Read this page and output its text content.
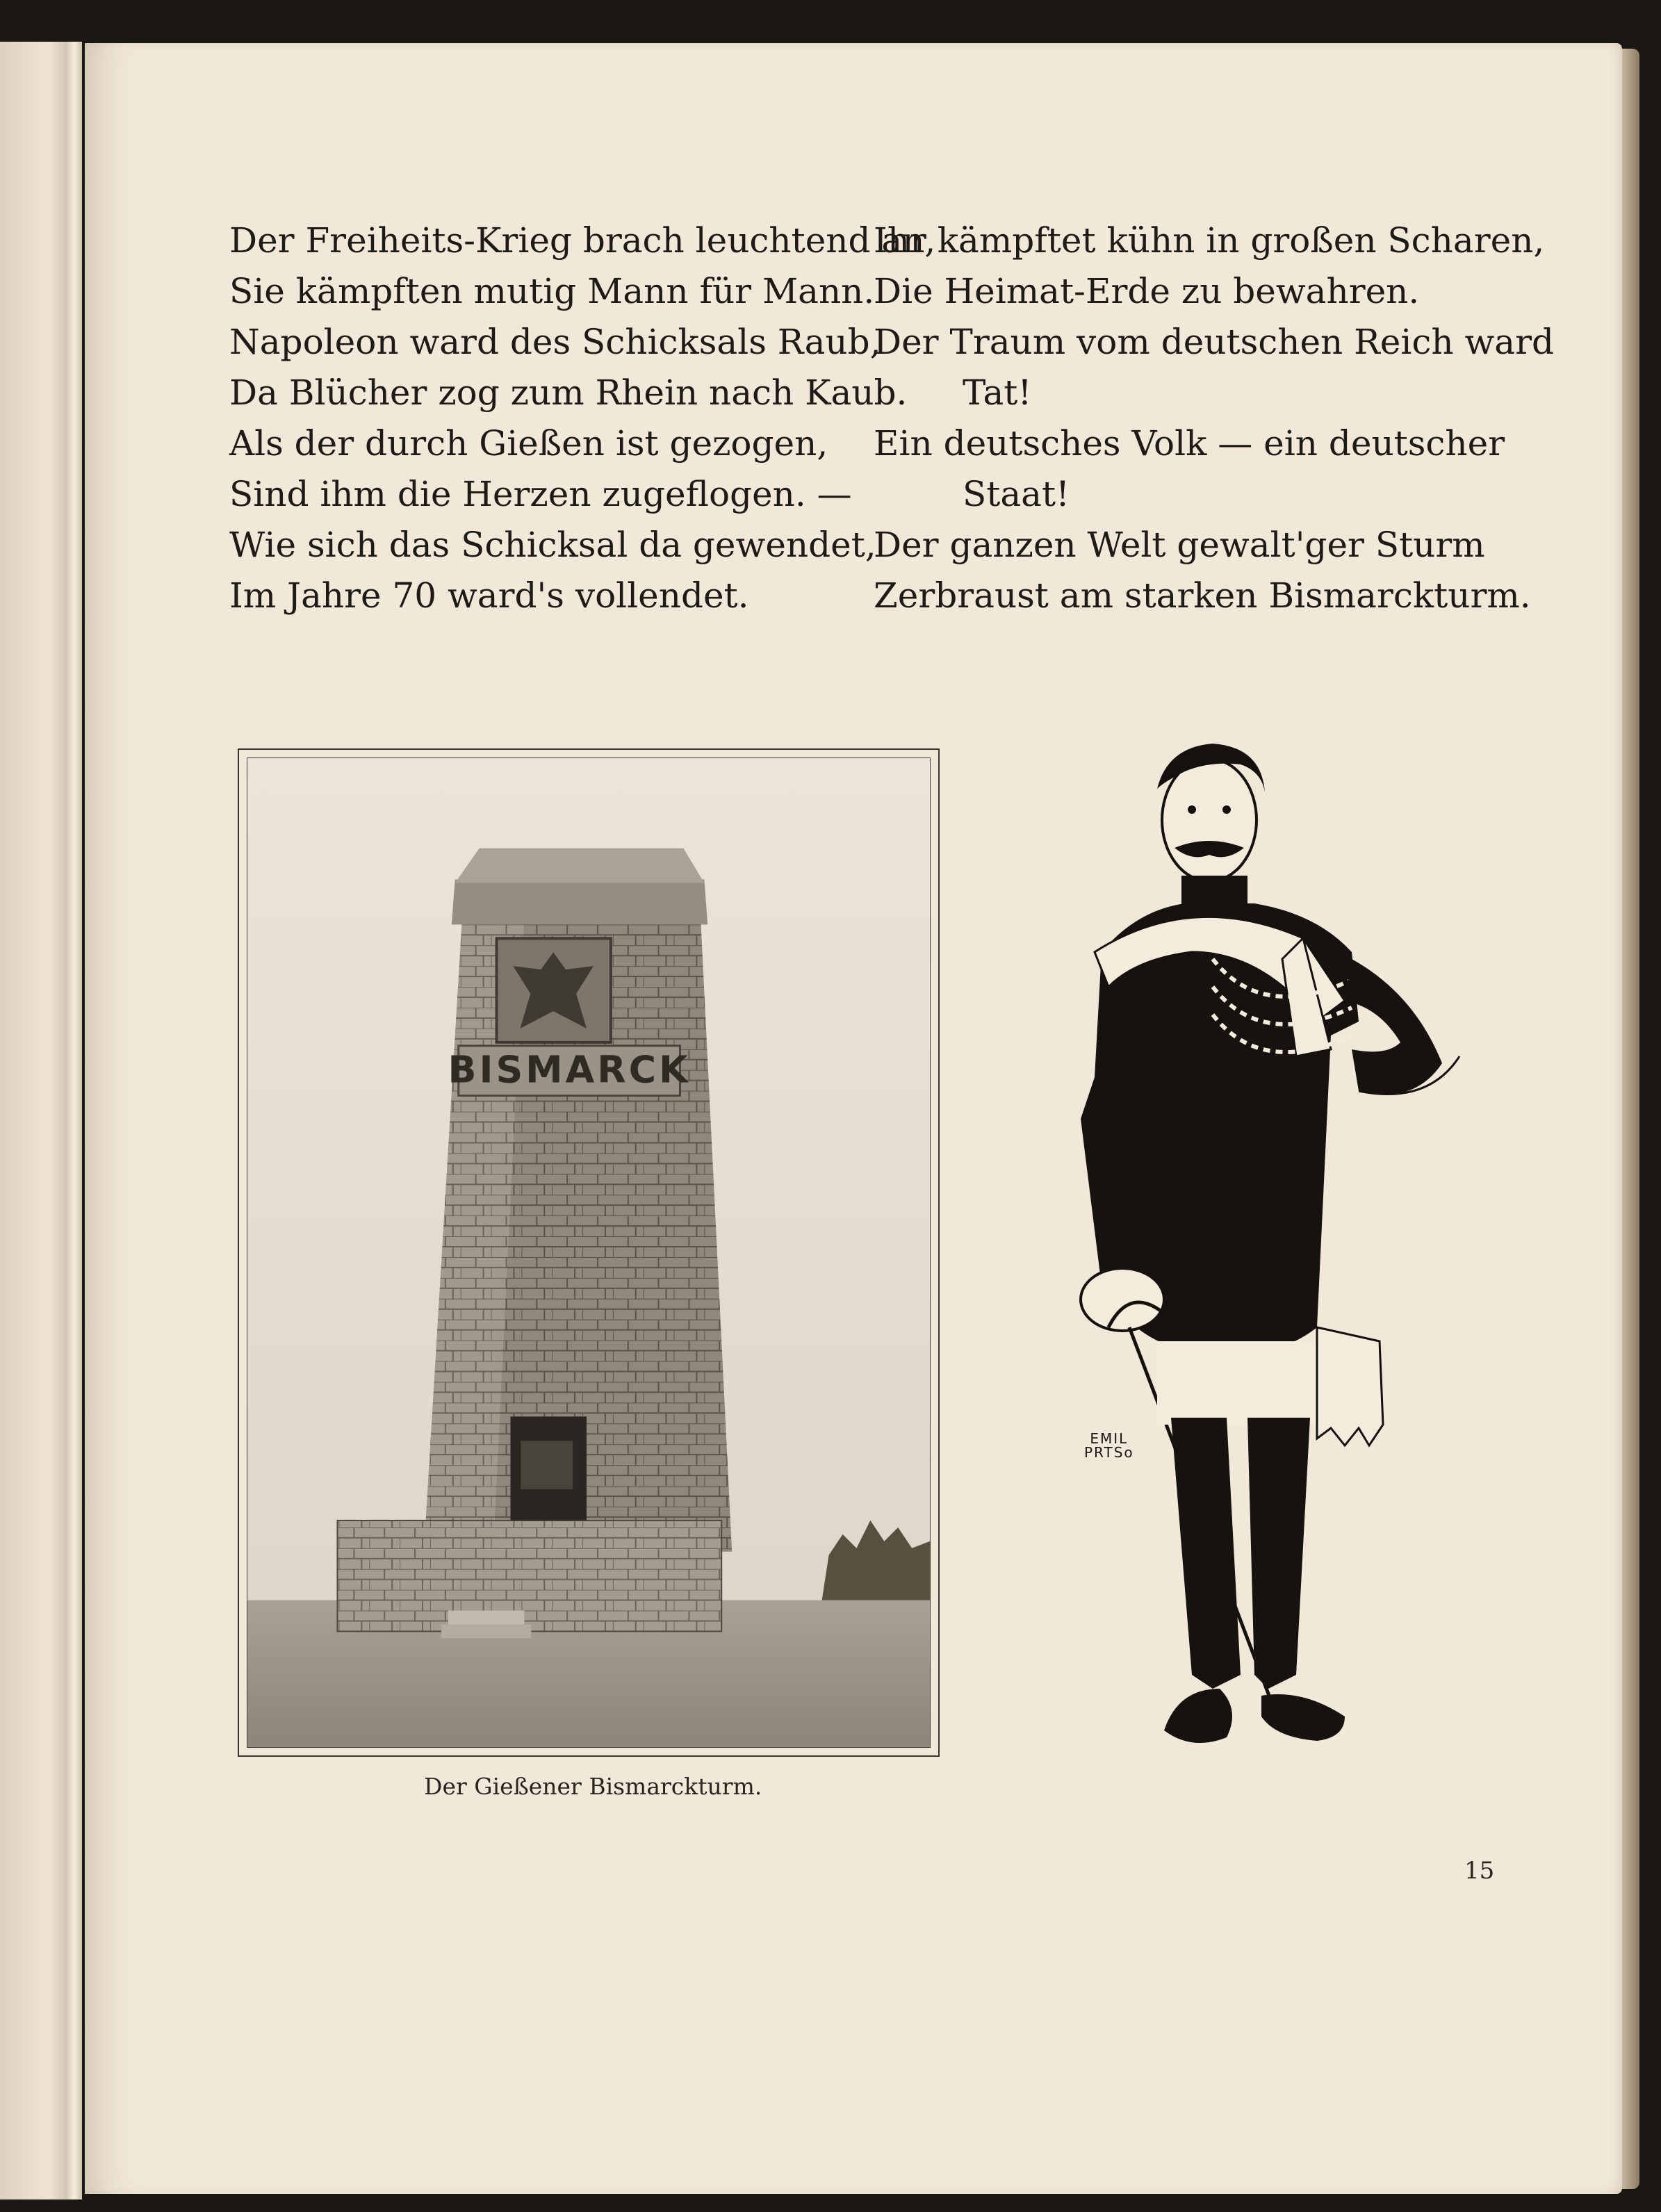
Der Freiheits-Krieg brach leuchtend an,
Sie kämpften mutig Mann für Mann.
Napoleon ward des Schicksals Raub,
Da Blücher zog zum Rhein nach Kaub.
Als der durch Gießen ist gezogen,
Sind ihm die Herzen zugeflogen. —
Wie sich das Schicksal da gewendet,
Im Jahre 70 ward's vollendet.
Ihr kämpftet kühn in großen Scharen,
Die Heimat-Erde zu bewahren.
Der Traum vom deutschen Reich ward
Tat!
Ein deutsches Volk — ein deutscher
Staat!
Der ganzen Welt gewalt'ger Sturm
Zerbraust am starken Bismarckturm.
BISMARCK
Der Gießener Bismarckturm.
EMIL
PRTSo
15
